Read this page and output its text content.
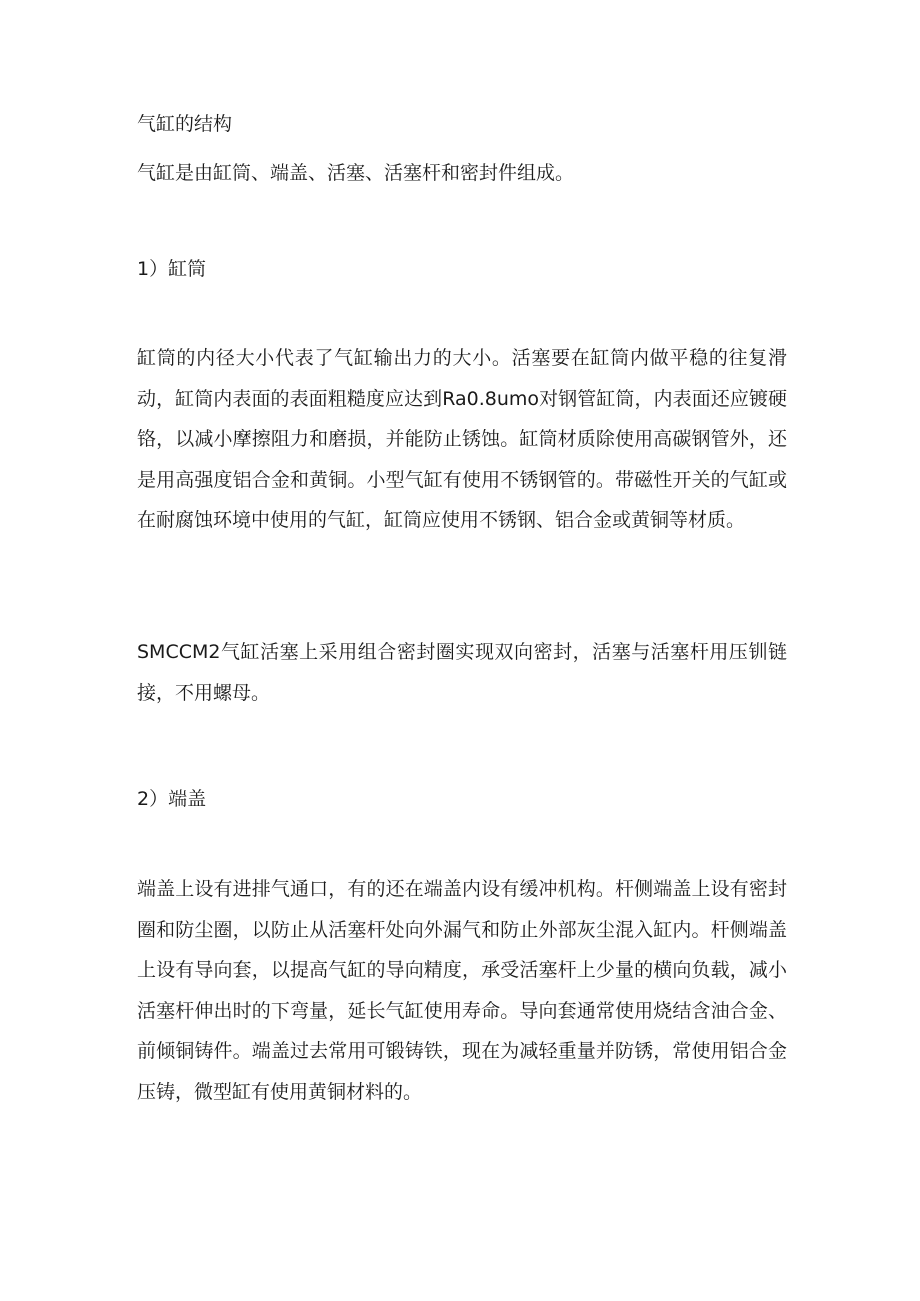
气缸的结构

气缸是由缸筒、端盖、活塞、活塞杆和密封件组成。

1）缸筒

缸筒的内径大小代表了气缸输出力的大小。活塞要在缸筒内做平稳的往复滑动，缸筒内表面的表面粗糙度应达到Ra0.8umo对钢管缸筒，内表面还应镀硬铬，以减小摩擦阻力和磨损，并能防止锈蚀。缸筒材质除使用高碳钢管外，还是用高强度铝合金和黄铜。小型气缸有使用不锈钢管的。带磁性开关的气缸或在耐腐蚀环境中使用的气缸，缸筒应使用不锈钢、铝合金或黄铜等材质。

SMCCM2气缸活塞上采用组合密封圈实现双向密封，活塞与活塞杆用压钏链接，不用螺母。

2）端盖

端盖上设有进排气通口，有的还在端盖内设有缓冲机构。杆侧端盖上设有密封圈和防尘圈，以防止从活塞杆处向外漏气和防止外部灰尘混入缸内。杆侧端盖上设有导向套，以提高气缸的导向精度，承受活塞杆上少量的横向负载，减小活塞杆伸出时的下弯量，延长气缸使用寿命。导向套通常使用烧结含油合金、前倾铜铸件。端盖过去常用可锻铸铁，现在为减轻重量并防锈，常使用铝合金压铸，微型缸有使用黄铜材料的。
